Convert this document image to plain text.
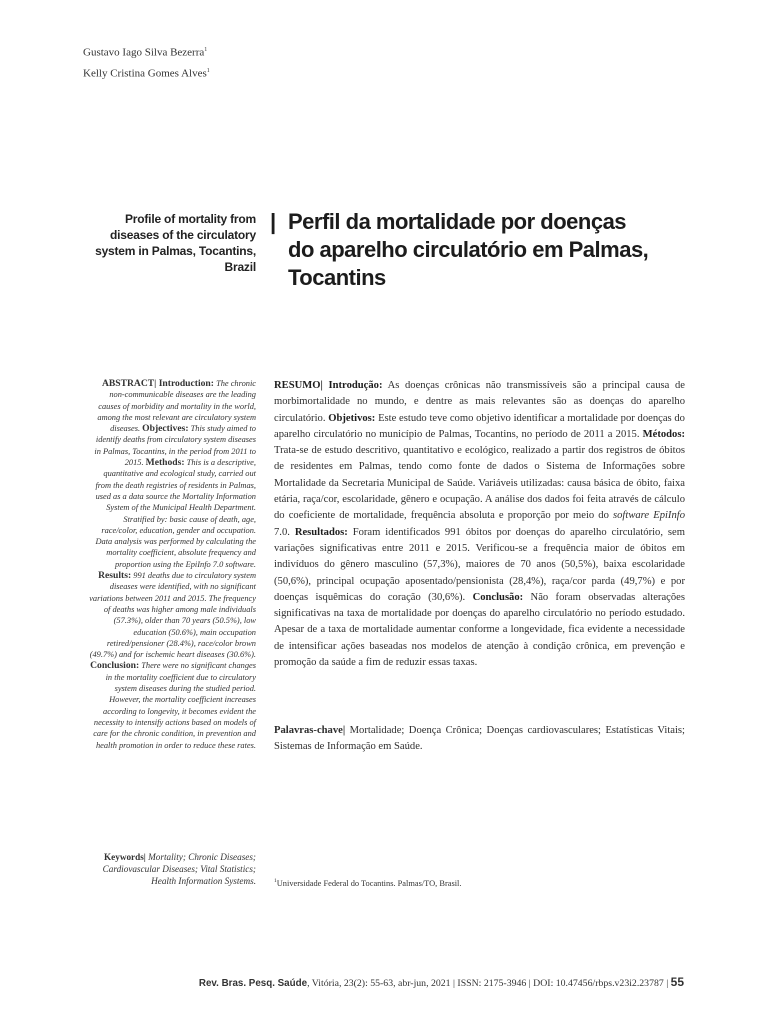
Gustavo Iago Silva Bezerra$^1$
Kelly Cristina Gomes Alves$^1$
Profile of mortality from diseases of the circulatory system in Palmas, Tocantins, Brazil
| Perfil da mortalidade por doenças
do aparelho circulatório em Palmas,
Tocantins
ABSTRACT| Introduction: The chronic non-communicable diseases are the leading causes of morbidity and mortality in the world, among the most relevant are circulatory system diseases. Objectives: This study aimed to identify deaths from circulatory system diseases in Palmas, Tocantins, in the period from 2011 to 2015. Methods: This is a descriptive, quantitative and ecological study, carried out from the death registries of residents in Palmas, used as a data source the Mortality Information System of the Municipal Health Department. Stratified by: basic cause of death, age, race/color, education, gender and occupation. Data analysis was performed by calculating the mortality coefficient, absolute frequency and proportion using the EpiInfo 7.0 software. Results: 991 deaths due to circulatory system diseases were identified, with no significant variations between 2011 and 2015. The frequency of deaths was higher among male individuals (57.3%), older than 70 years (50.5%), low education (50.6%), main occupation retired/pensioner (28.4%), race/color brown (49.7%) and for ischemic heart diseases (30.6%). Conclusion: There were no significant changes in the mortality coefficient due to circulatory system diseases during the studied period. However, the mortality coefficient increases according to longevity, it becomes evident the necessity to intensify actions based on models of care for the chronic condition, in prevention and health promotion in order to reduce these rates.
Keywords| Mortality; Chronic Diseases; Cardiovascular Diseases; Vital Statistics; Health Information Systems.
RESUMO| Introdução: As doenças crônicas não transmissíveis são a principal causa de morbimortalidade no mundo, e dentre as mais relevantes são as doenças do aparelho circulatório. Objetivos: Este estudo teve como objetivo identificar a mortalidade por doenças do aparelho circulatório no município de Palmas, Tocantins, no período de 2011 a 2015. Métodos: Trata-se de estudo descritivo, quantitativo e ecológico, realizado a partir dos registros de óbitos de residentes em Palmas, tendo como fonte de dados o Sistema de Informações sobre Mortalidade da Secretaria Municipal de Saúde. Variáveis utilizadas: causa básica de óbito, faixa etária, raça/cor, escolaridade, gênero e ocupação. A análise dos dados foi feita através de cálculo do coeficiente de mortalidade, frequência absoluta e proporção por meio do software EpiInfo 7.0. Resultados: Foram identificados 991 óbitos por doenças do aparelho circulatório, sem variações significativas entre 2011 e 2015. Verificou-se a frequência maior de óbitos em indivíduos do gênero masculino (57,3%), maiores de 70 anos (50,5%), baixa escolaridade (50,6%), principal ocupação aposentado/pensionista (28,4%), raça/cor parda (49,7%) e por doenças isquêmicas do coração (30,6%). Conclusão: Não foram observadas alterações significativas na taxa de mortalidade por doenças do aparelho circulatório no período estudado. Apesar de a taxa de mortalidade aumentar conforme a longevidade, fica evidente a necessidade de intensificar ações baseadas nos modelos de atenção à condição crônica, em prevenção e promoção da saúde a fim de reduzir essas taxas.
Palavras-chave| Mortalidade; Doença Crônica; Doenças cardiovasculares; Estatísticas Vitais; Sistemas de Informação em Saúde.
$^1$Universidade Federal do Tocantins. Palmas/TO, Brasil.
Rev. Bras. Pesq. Saúde, Vitória, 23(2): 55-63, abr-jun, 2021 | ISSN: 2175-3946 | DOI: 10.47456/rbps.v23i2.23787 | 55
